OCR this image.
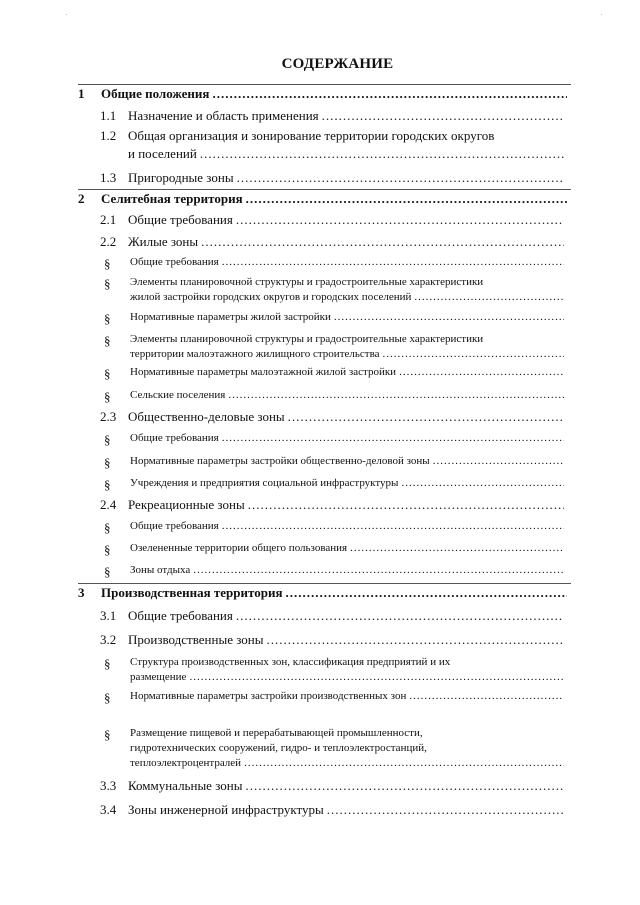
СОДЕРЖАНИЕ
1 Общие положения
.....
1.1 Назначение и область применения
.....
1.2 Общая организация и зонирование территории городских округов
и поселений
.....
1.3 Пригородные зоны
.....
2 Селитебная территория
.....
2.1 Общие требования
.....
2.2 Жилые зоны
.....
§ Общие требования
.....
§ Элементы планировочной структуры и градостроительные характеристики
жилой застройки городских округов и городских поселений
.....
§ Нормативные параметры жилой застройки
.....
§ Элементы планировочной структуры и градостроительные характеристики
территории малоэтажного жилищного строительства
.....
§ Нормативные параметры малоэтажной жилой застройки
.....
§ Сельские поселения
.....
2.3 Общественно-деловые зоны
.....
§ Общие требования
.....
§ Нормативные параметры застройки общественно-деловой зоны
.....
§ Учреждения и предприятия социальной инфраструктуры
.....
2.4 Рекреационные зоны
.....
§ Общие требования
.....
§ Озелененные территории общего пользования
.....
§ Зоны отдыха
.....
3 Производственная территория
.....
3.1 Общие требования
.....
3.2 Производственные зоны
.....
§ Структура производственных зон, классификация предприятий и их
размещение
.....
§ Нормативные параметры застройки производственных зон
.....
§ Размещение пищевой и перерабатывающей промышленности,
гидротехнических сооружений, гидро- и теплоэлектростанций,
теплоэлектроцентралей
.....
3.3 Коммунальные зоны
.....
3.4 Зоны инженерной инфраструктуры
.....
